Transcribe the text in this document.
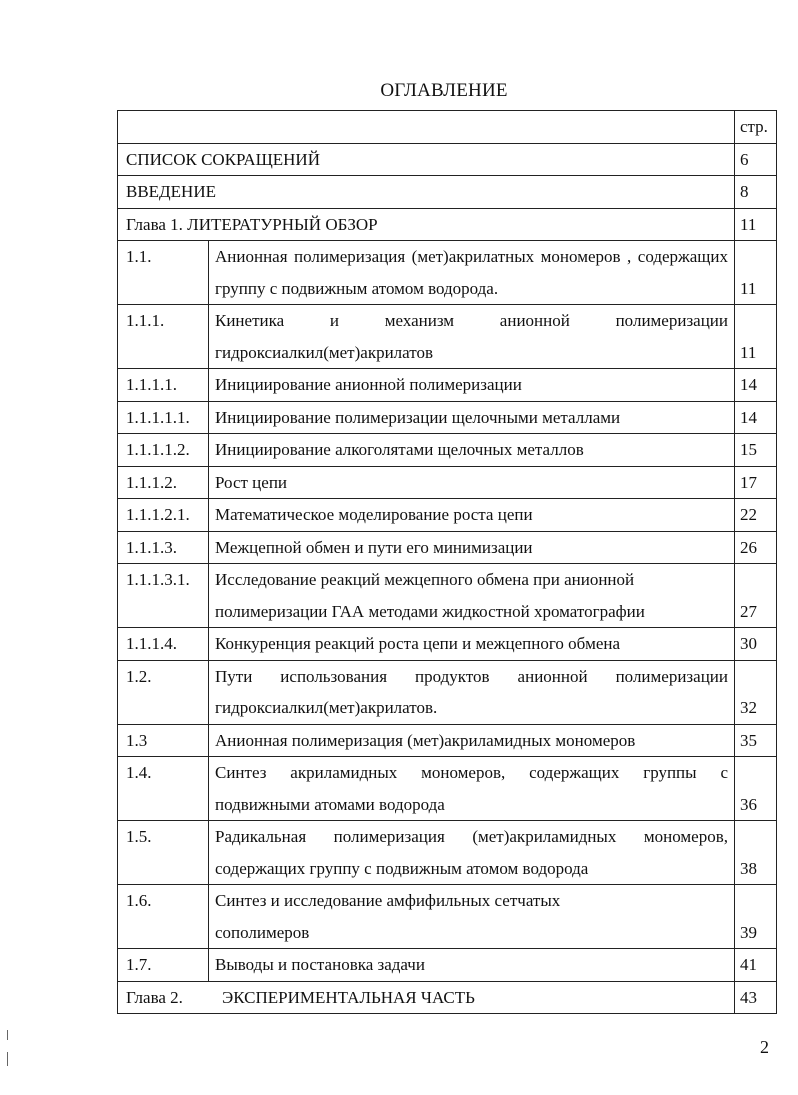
ОГЛАВЛЕНИЕ
		стр.
СПИСОК СОКРАЩЕНИЙ		6
ВВЕДЕНИЕ		8
Глава 1. ЛИТЕРАТУРНЫЙ ОБЗОР		11
1.1.	Анионная полимеризация (мет)акрилатных мономеров , содержащих группу с подвижным атомом водорода.	11
1.1.1.	Кинетика и механизм анионной полимеризации гидроксиалкил(мет)акрилатов	11
1.1.1.1.	Инициирование анионной полимеризации	14
1.1.1.1.1.	Инициирование полимеризации щелочными металлами	14
1.1.1.1.2.	Инициирование алкоголятами щелочных металлов	15
1.1.1.2.	Рост цепи	17
1.1.1.2.1.	Математическое моделирование роста цепи	22
1.1.1.3.	Межцепной обмен и пути его минимизации	26
1.1.1.3.1.	Исследование реакций межцепного обмена при анионной полимеризации ГАА методами жидкостной хроматографии	27
1.1.1.4.	Конкуренция реакций роста цепи и межцепного обмена	30
1.2.	Пути использования продуктов анионной полимеризации гидроксиалкил(мет)акрилатов.	32
1.3	Анионная полимеризация (мет)акриламидных мономеров	35
1.4.	Синтез акриламидных мономеров, содержащих группы с подвижными атомами водорода	36
1.5.	Радикальная полимеризация (мет)акриламидных мономеров, содержащих группу с подвижным атомом водорода	38
1.6.	Синтез и исследование амфифильных сетчатых сополимеров	39
1.7.	Выводы и постановка задачи	41
Глава 2. ЭКСПЕРИМЕНТАЛЬНАЯ ЧАСТЬ		43
2
